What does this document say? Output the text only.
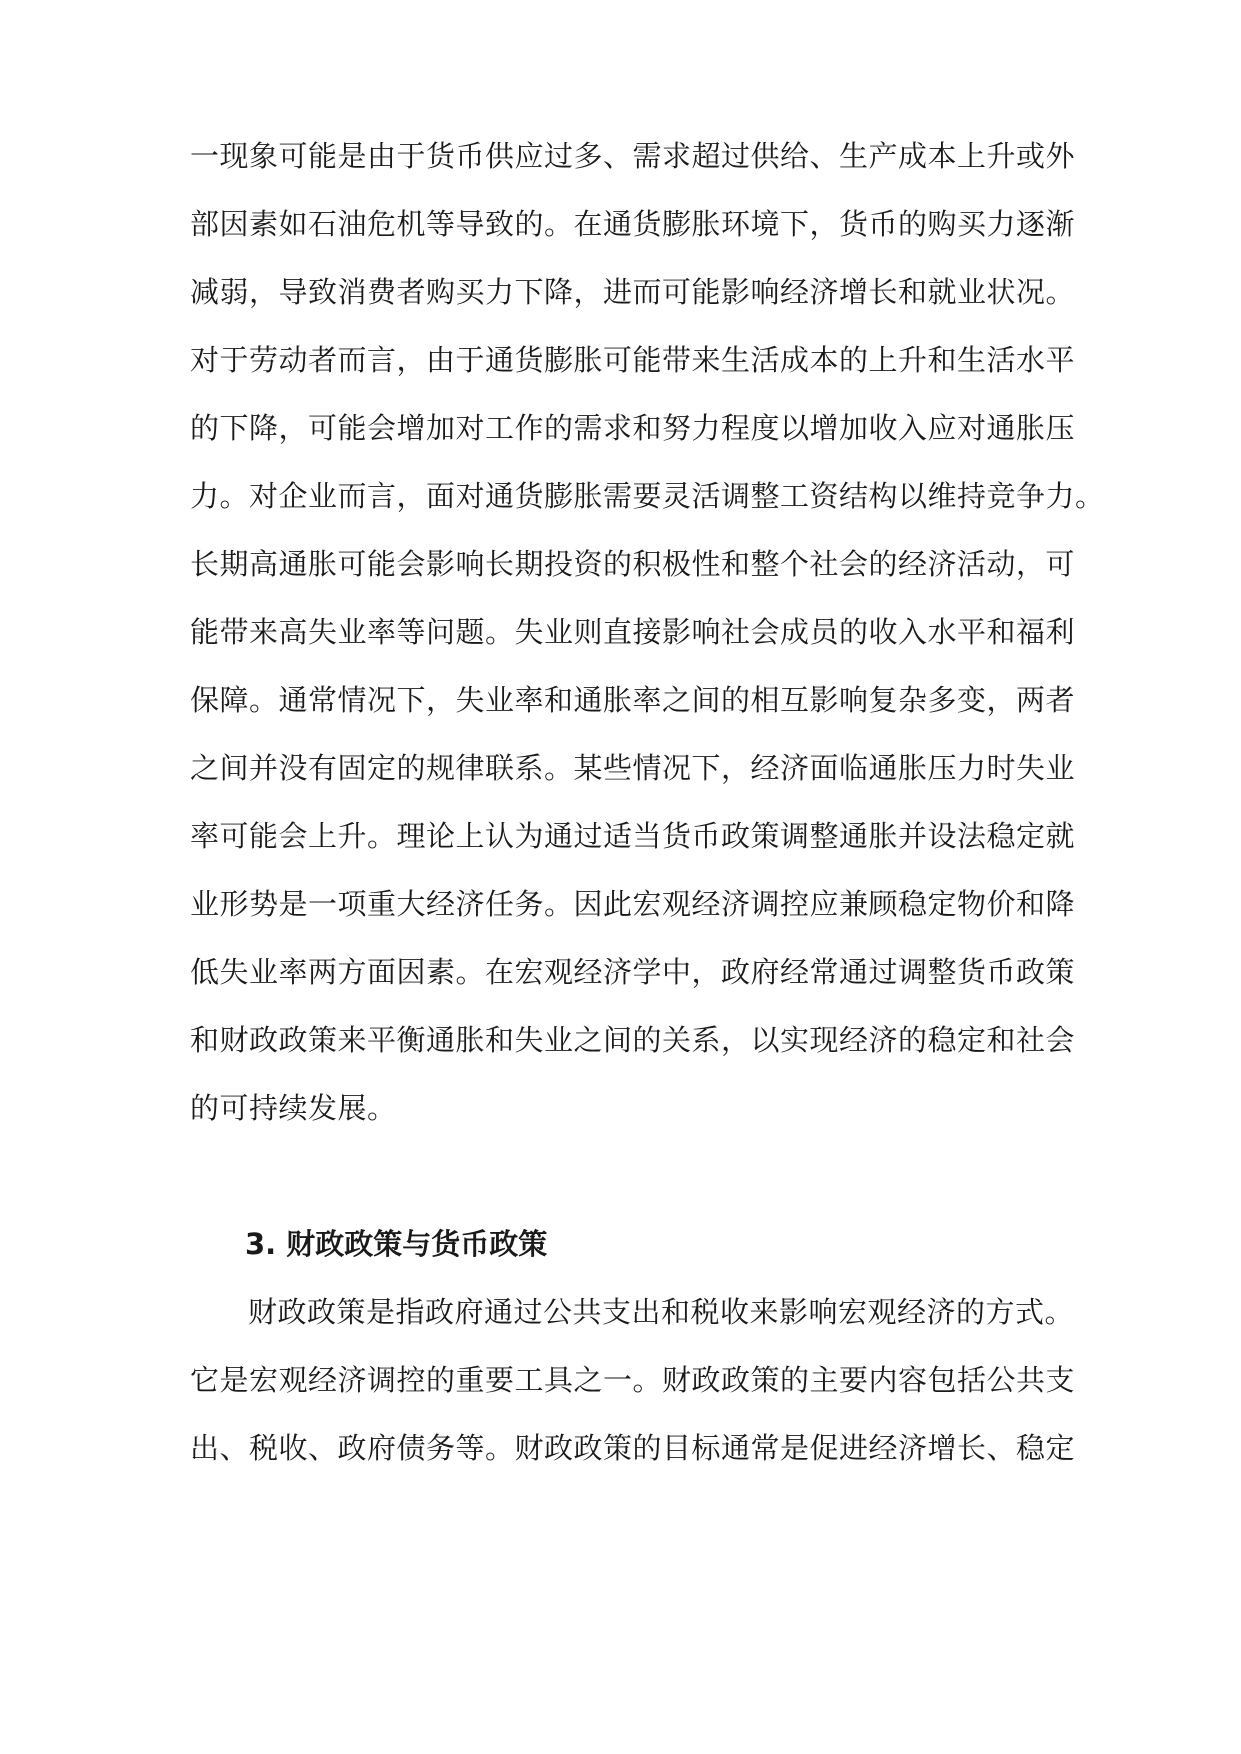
一现象可能是由于货币供应过多、需求超过供给、生产成本上升或外
部因素如石油危机等导致的。在通货膨胀环境下，货币的购买力逐渐
减弱，导致消费者购买力下降，进而可能影响经济增长和就业状况。
对于劳动者而言，由于通货膨胀可能带来生活成本的上升和生活水平
的下降，可能会增加对工作的需求和努力程度以增加收入应对通胀压
力。对企业而言，面对通货膨胀需要灵活调整工资结构以维持竞争力。
长期高通胀可能会影响长期投资的积极性和整个社会的经济活动，可
能带来高失业率等问题。失业则直接影响社会成员的收入水平和福利
保障。通常情况下，失业率和通胀率之间的相互影响复杂多变，两者
之间并没有固定的规律联系。某些情况下，经济面临通胀压力时失业
率可能会上升。理论上认为通过适当货币政策调整通胀并设法稳定就
业形势是一项重大经济任务。因此宏观经济调控应兼顾稳定物价和降
低失业率两方面因素。在宏观经济学中，政府经常通过调整货币政策
和财政政策来平衡通胀和失业之间的关系，以实现经济的稳定和社会
的可持续发展。
3. 财政政策与货币政策
财政政策是指政府通过公共支出和税收来影响宏观经济的方式。
它是宏观经济调控的重要工具之一。财政政策的主要内容包括公共支
出、税收、政府债务等。财政政策的目标通常是促进经济增长、稳定
